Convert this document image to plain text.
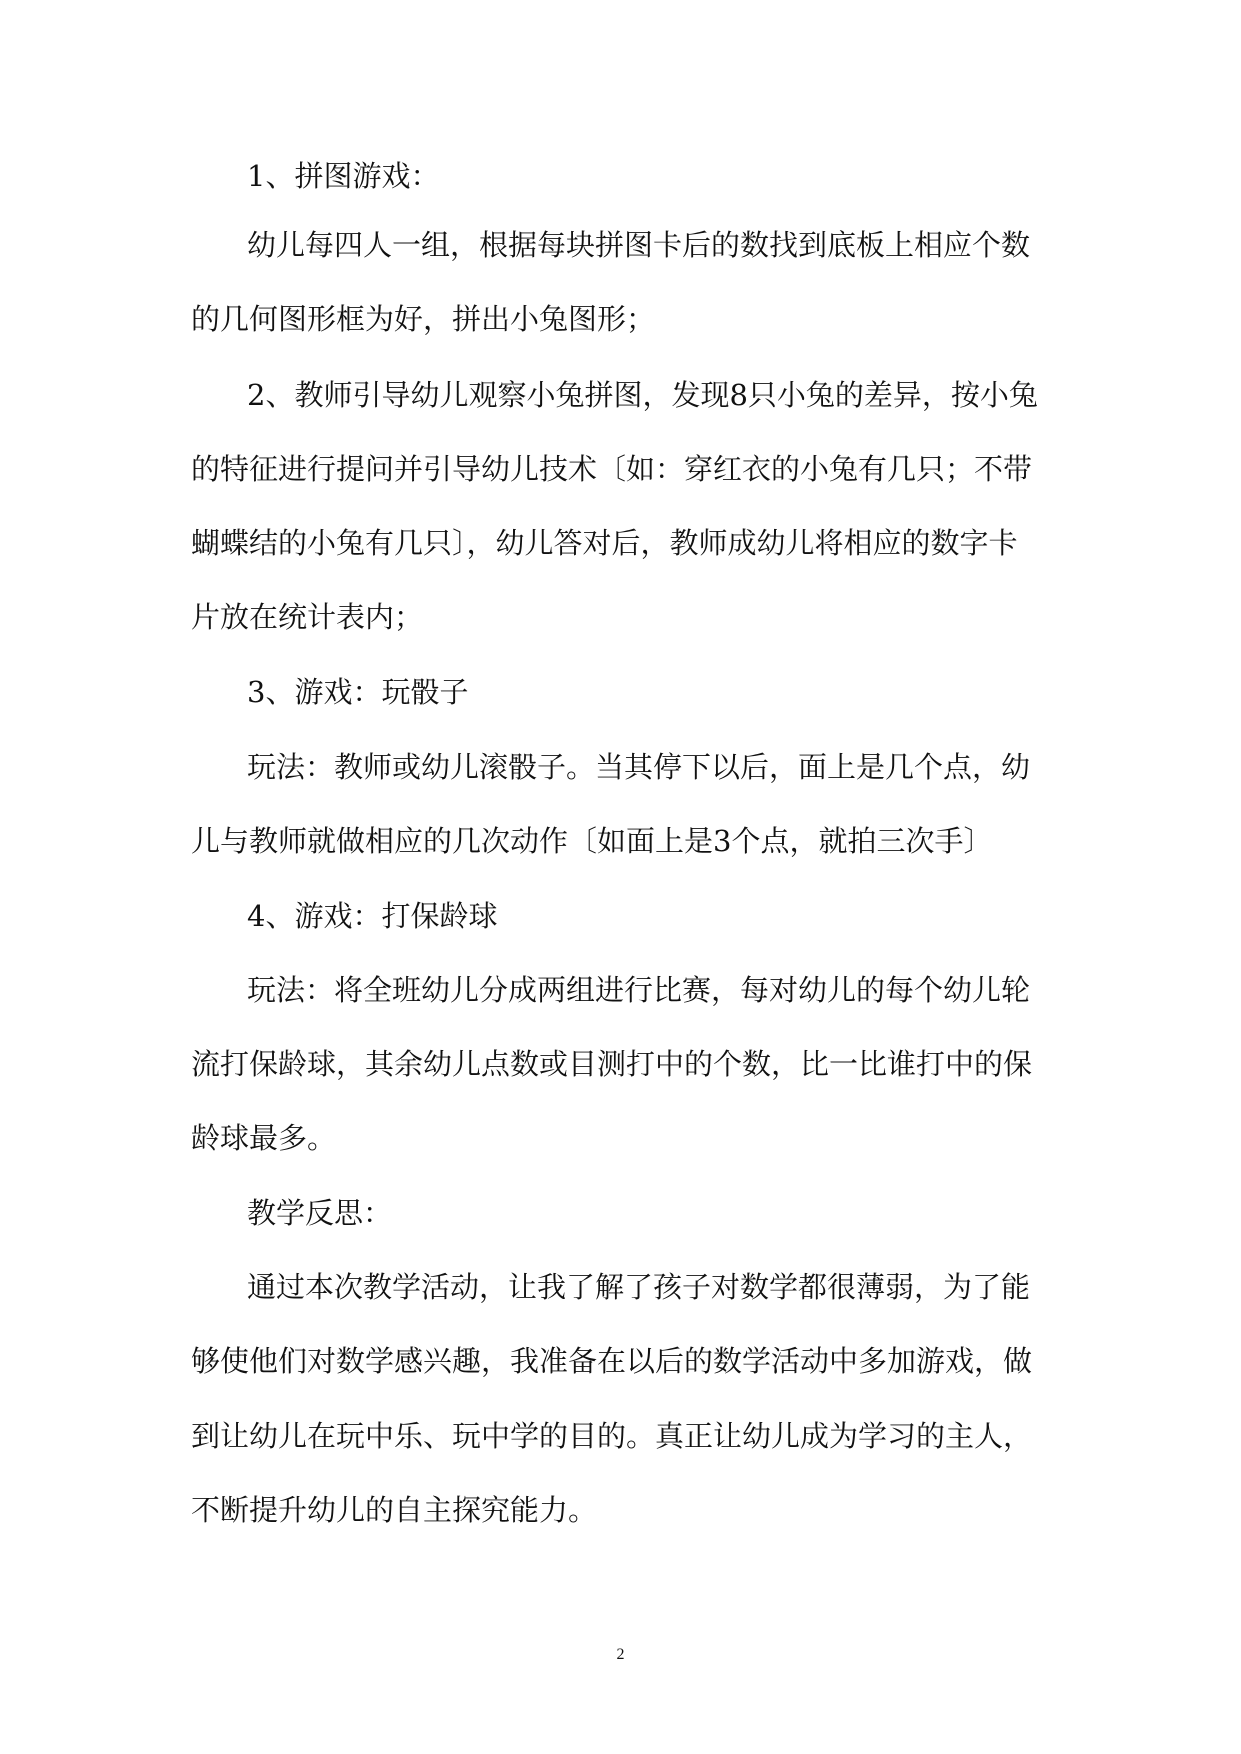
1、拼图游戏：
幼儿每四人一组，根据每块拼图卡后的数找到底板上相应个数
的几何图形框为好，拼出小兔图形；
2、教师引导幼儿观察小兔拼图，发现8只小兔的差异，按小兔
的特征进行提问并引导幼儿技术〔如：穿红衣的小兔有几只；不带
蝴蝶结的小兔有几只〕，幼儿答对后，教师成幼儿将相应的数字卡
片放在统计表内；
3、游戏：玩骰子
玩法：教师或幼儿滚骰子。当其停下以后，面上是几个点，幼
儿与教师就做相应的几次动作〔如面上是3个点，就拍三次手〕
4、游戏：打保龄球
玩法：将全班幼儿分成两组进行比赛，每对幼儿的每个幼儿轮
流打保龄球，其余幼儿点数或目测打中的个数，比一比谁打中的保
龄球最多。
教学反思：
通过本次教学活动，让我了解了孩子对数学都很薄弱，为了能
够使他们对数学感兴趣，我准备在以后的数学活动中多加游戏，做
到让幼儿在玩中乐、玩中学的目的。真正让幼儿成为学习的主人，
不断提升幼儿的自主探究能力。
2
